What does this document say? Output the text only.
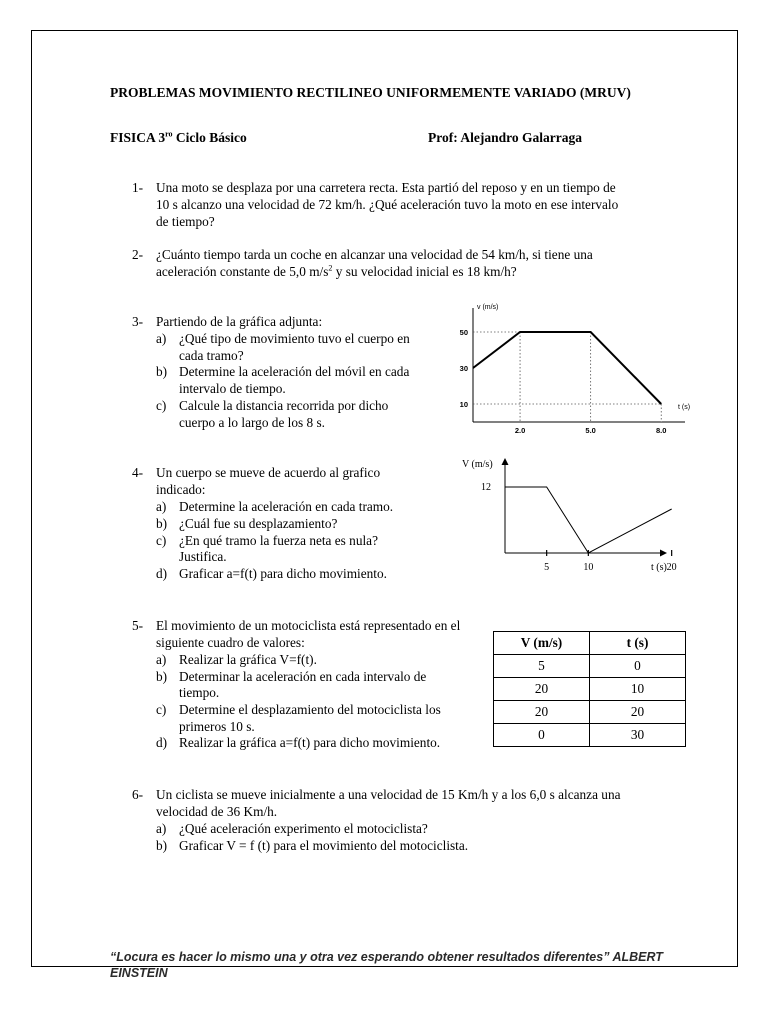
PROBLEMAS MOVIMIENTO RECTILINEO UNIFORMEMENTE VARIADO (MRUV)
FISICA $3^{ro}$ Ciclo Básico	Prof: Alejandro Galarraga
1- Una moto se desplaza por una carretera recta. Esta partió del reposo y en un tiempo de
10 s alcanzo una velocidad de 72 km/h. ¿Qué aceleración tuvo la moto en ese intervalo
de tiempo?
2- ¿Cuánto tiempo tarda un coche en alcanzar una velocidad de 54 km/h, si tiene una
aceleración constante de 5,0 $m/s^2$ y su velocidad inicial es 18 km/h?
3- Partiendo de la gráfica adjunta:
a) ¿Qué tipo de movimiento tuvo el cuerpo en
cada tramo?
b) Determine la aceleración del móvil en cada
intervalo de tiempo.
c) Calcule la distancia recorrida por dicho
cuerpo a lo largo de los 8 s.
v (m/s)
t (s)
2.0	5.0	8.0
50
30
10
4- Un cuerpo se mueve de acuerdo al grafico
indicado:
a) Determine la aceleración en cada tramo.
b) ¿Cuál fue su desplazamiento?
c) ¿En qué tramo la fuerza neta es nula?
Justifica.
d) Graficar a=f(t) para dicho movimiento.
V (m/s)
t (s)
5	10	20
12
5- El movimiento de un motociclista está representado en el
siguiente cuadro de valores:
a) Realizar la gráfica V=f(t).
b) Determinar la aceleración en cada intervalo de
tiempo.
c) Determine el desplazamiento del motociclista los
primeros 10 s.
d) Realizar la gráfica a=f(t) para dicho movimiento.
V (m/s)	t (s)
5	0
20	10
20	20
0	30
6- Un ciclista se mueve inicialmente a una velocidad de 15 Km/h y a los 6,0 s alcanza una
velocidad de 36 Km/h.
a) ¿Qué aceleración experimento el motociclista?
b) Graficar V = f (t) para el movimiento del motociclista.
“Locura es hacer lo mismo una y otra vez esperando obtener resultados diferentes” ALBERT EINSTEIN
